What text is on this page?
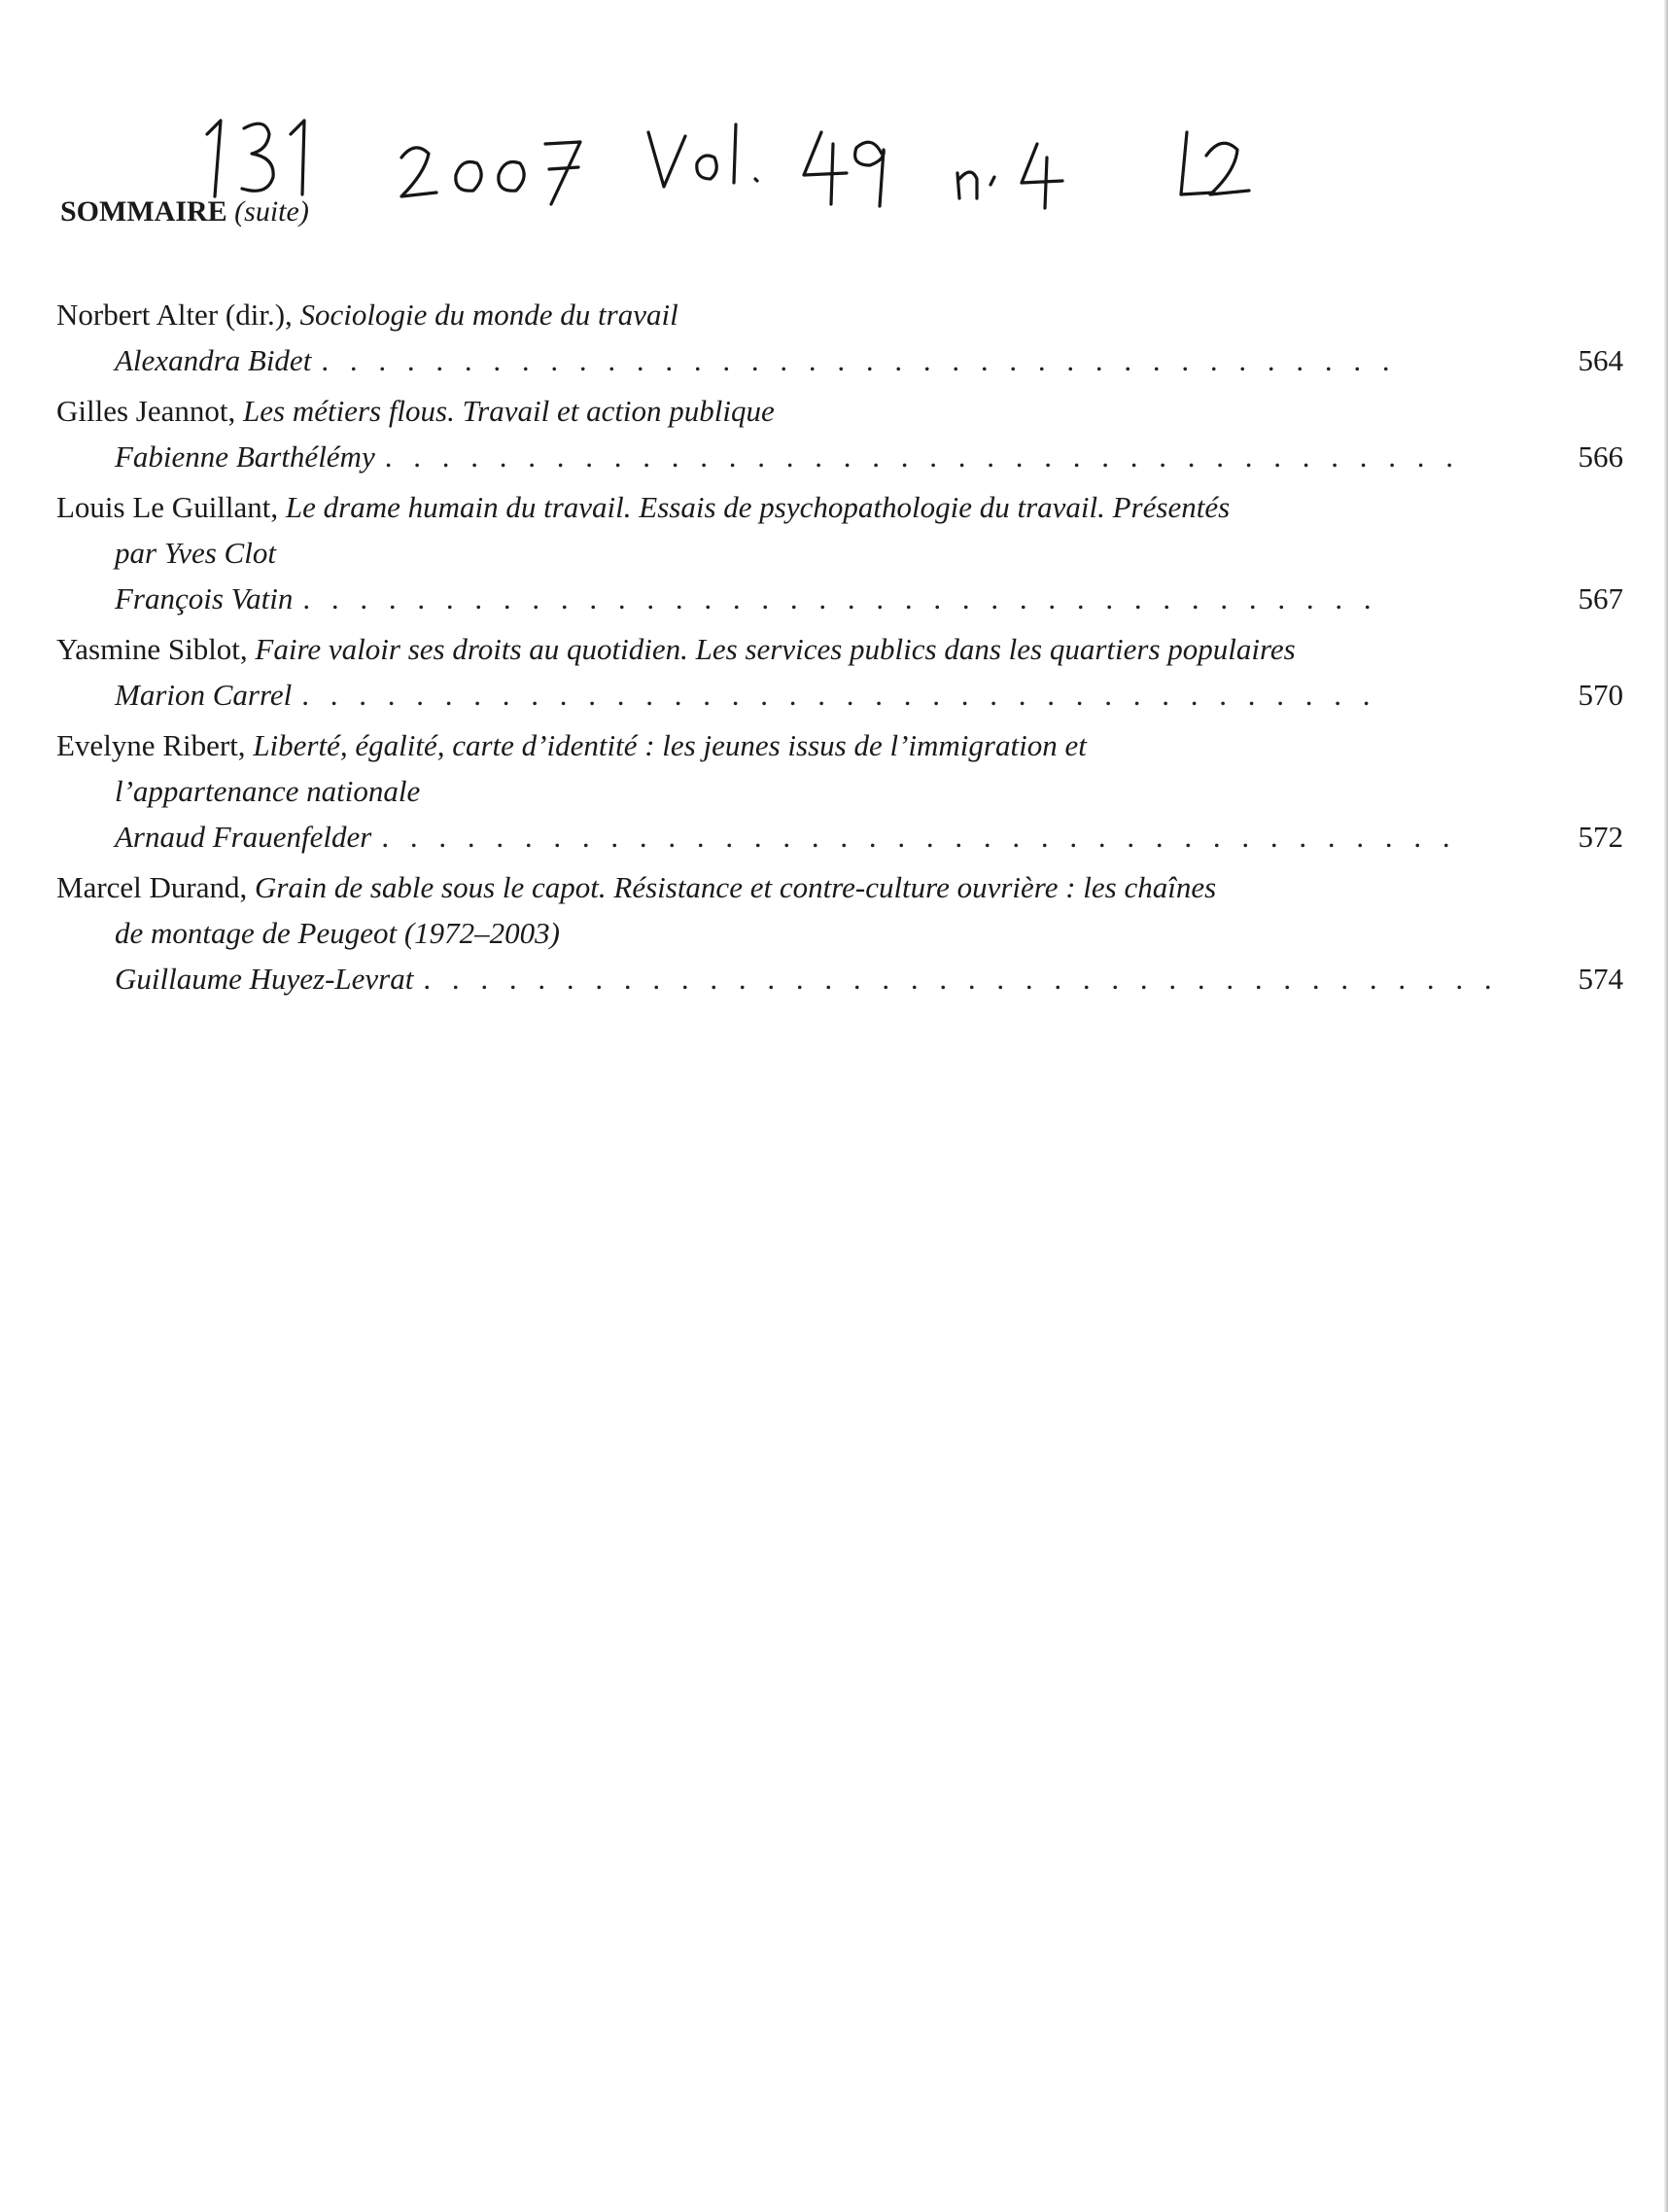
SOMMAIRE (suite)
Norbert Alter (dir.), Sociologie du monde du travail
Alexandra Bidet . . .	564
Gilles Jeannot, Les métiers flous. Travail et action publique
Fabienne Barthélémy . . .	566
Louis Le Guillant, Le drame humain du travail. Essais de psychopathologie du travail. Présentés
par Yves Clot
François Vatin . . .	567
Yasmine Siblot, Faire valoir ses droits au quotidien. Les services publics dans les quartiers populaires
Marion Carrel . . .	570
Evelyne Ribert, Liberté, égalité, carte d’identité : les jeunes issus de l’immigration et
l’appartenance nationale
Arnaud Frauenfelder . . .	572
Marcel Durand, Grain de sable sous le capot. Résistance et contre-culture ouvrière : les chaînes
de montage de Peugeot (1972–2003)
Guillaume Huyez-Levrat . . .	574
